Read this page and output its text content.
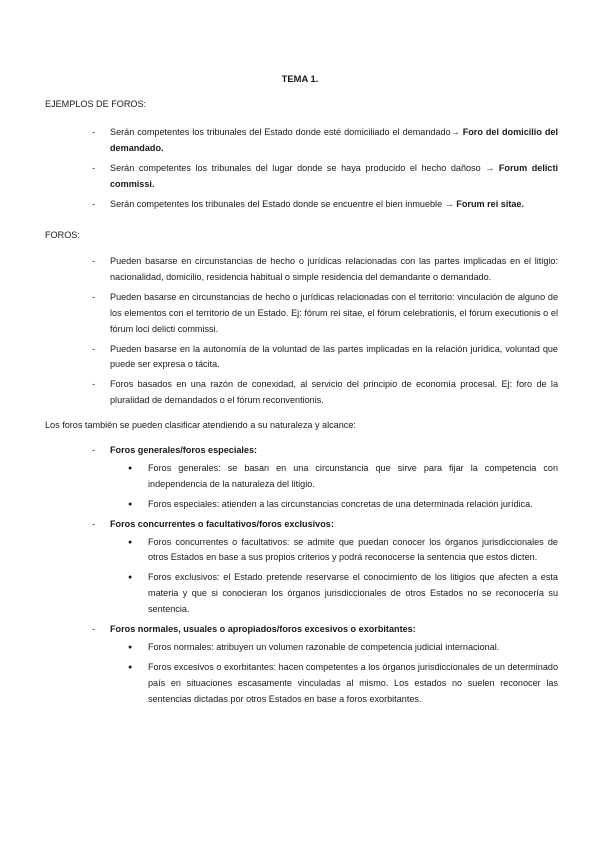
TEMA 1.
EJEMPLOS DE FOROS:
- Serán competentes los tribunales del Estado donde esté domiciliado el demandado→ Foro del domicilio del demandado.
- Serán competentes los tribunales del lugar donde se haya producido el hecho dañoso → Forum delicti commissi.
- Serán competentes los tribunales del Estado donde se encuentre el bien inmueble → Forum rei sitae.
FOROS:
- Pueden basarse en circunstancias de hecho o jurídicas relacionadas con las partes implicadas en el litigio: nacionalidad, domicilio, residencia habitual o simple residencia del demandante o demandado.
- Pueden basarse en circunstancias de hecho o jurídicas relacionadas con el territorio: vinculación de alguno de los elementos con el territorio de un Estado. Ej: fórum rei sitae, el fórum celebrationis, el fórum executionis o el fórum loci delicti commissi.
- Pueden basarse en la autonomía de la voluntad de las partes implicadas en la relación jurídica, voluntad que puede ser expresa o tácita.
- Foros basados en una razón de conexidad, al servicio del principio de economía procesal. Ej: foro de la pluralidad de demandados o el fórum reconventionis.
Los foros también se pueden clasificar atendiendo a su naturaleza y alcance:
- Foros generales/foros especiales:
● Foros generales: se basan en una circunstancia que sirve para fijar la competencia con independencia de la naturaleza del litigio.
● Foros especiales: atienden a las circunstancias concretas de una determinada relación jurídica.
- Foros concurrentes o facultativos/foros exclusivos:
● Foros concurrentes o facultativos: se admite que puedan conocer los órganos jurisdiccionales de otros Estados en base a sus propios criterios y podrá reconocerse la sentencia que estos dicten.
● Foros exclusivos: el Estado pretende reservarse el conocimiento de los litigios que afecten a esta materia y que si conocieran los órganos jurisdiccionales de otros Estados no se reconocería su sentencia.
- Foros normales, usuales o apropiados/foros excesivos o exorbitantes:
● Foros normales: atribuyen un volumen razonable de competencia judicial internacional.
● Foros excesivos o exorbitantes: hacen competentes a los órganos jurisdiccionales de un determinado país en situaciones escasamente vinculadas al mismo. Los estados no suelen reconocer las sentencias dictadas por otros Estados en base a foros exorbitantes.
